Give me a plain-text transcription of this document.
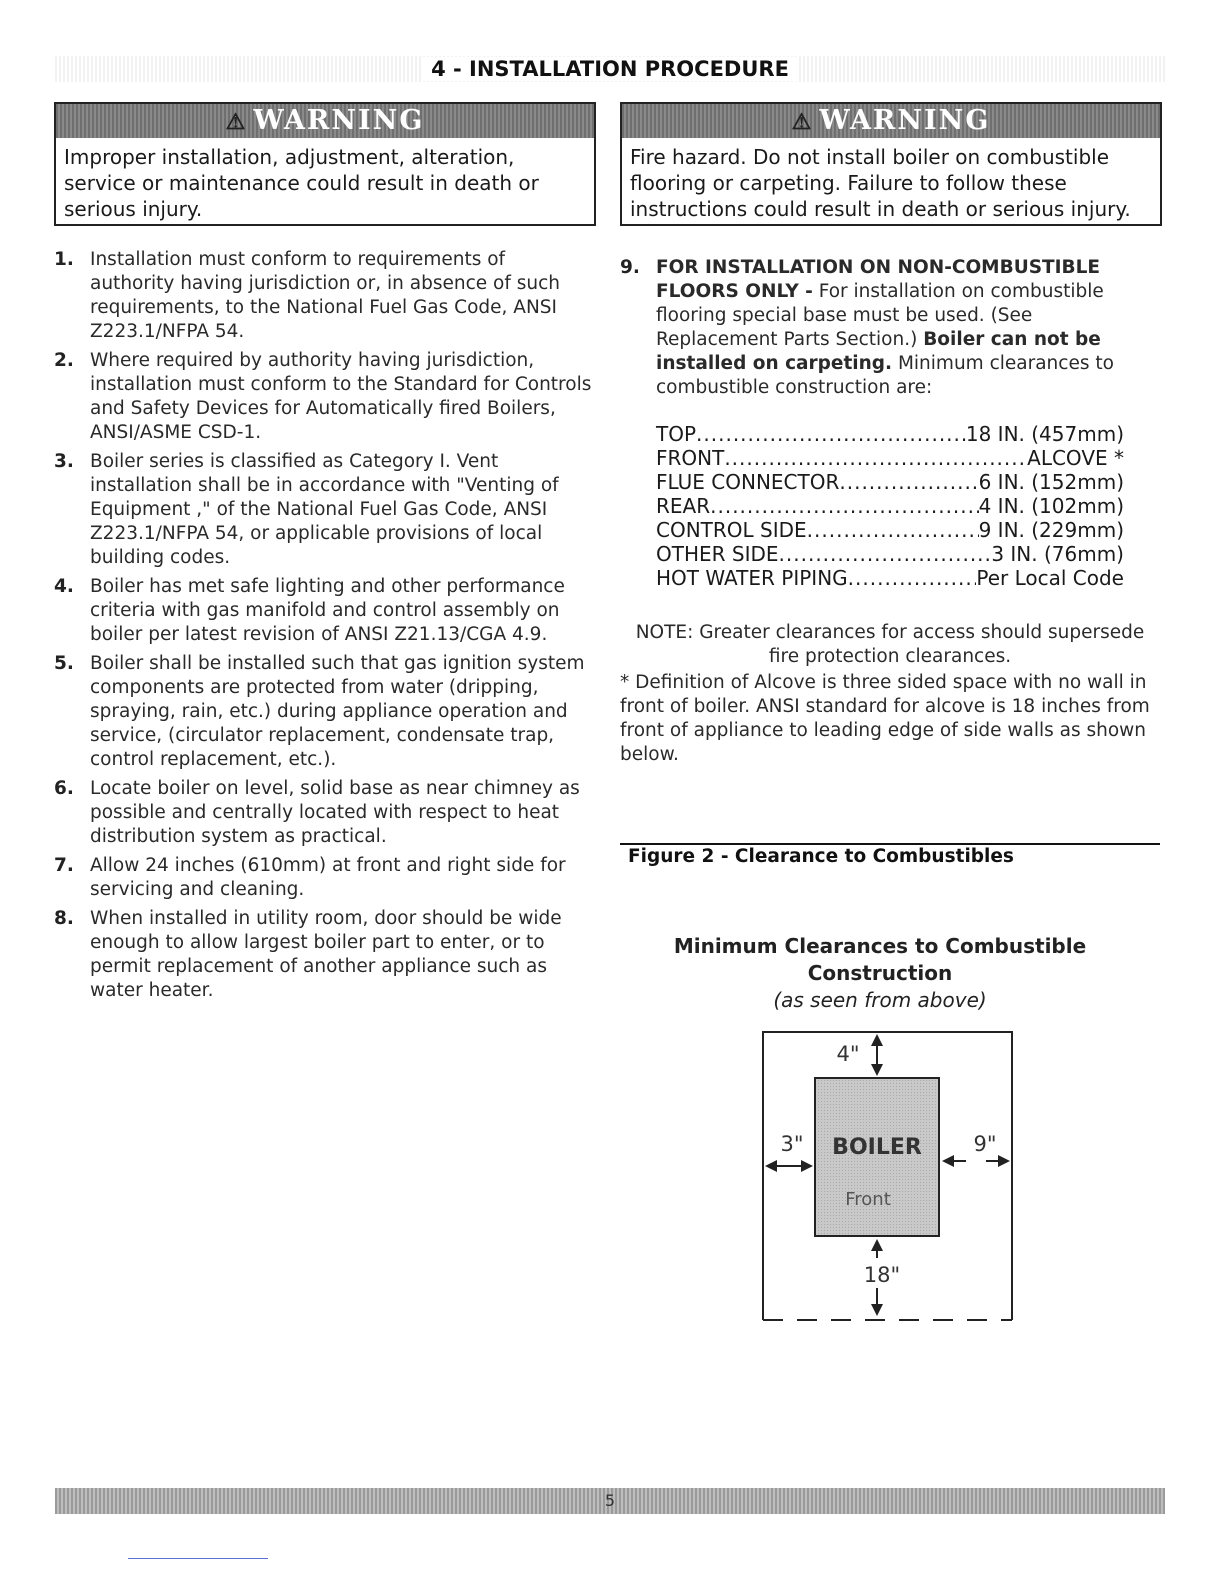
4 - INSTALLATION PROCEDURE
⚠ WARNING
Improper installation, adjustment, alteration, service or maintenance could result in death or serious injury.
⚠ WARNING
Fire hazard. Do not install boiler on combustible flooring or carpeting. Failure to follow these instructions could result in death or serious injury.
1. Installation must conform to requirements of authority having jurisdiction or, in absence of such requirements, to the National Fuel Gas Code, ANSI Z223.1/NFPA 54.
2. Where required by authority having jurisdiction, installation must conform to the Standard for Controls and Safety Devices for Automatically fired Boilers, ANSI/ASME CSD-1.
3. Boiler series is classified as Category I. Vent installation shall be in accordance with "Venting of Equipment ," of the National Fuel Gas Code, ANSI Z223.1/NFPA 54, or applicable provisions of local building codes.
4. Boiler has met safe lighting and other performance criteria with gas manifold and control assembly on boiler per latest revision of ANSI Z21.13/CGA 4.9.
5. Boiler shall be installed such that gas ignition system components are protected from water (dripping, spraying, rain, etc.) during appliance operation and service, (circulator replacement, condensate trap, control replacement, etc.).
6. Locate boiler on level, solid base as near chimney as possible and centrally located with respect to heat distribution system as practical.
7. Allow 24 inches (610mm) at front and right side for servicing and cleaning.
8. When installed in utility room, door should be wide enough to allow largest boiler part to enter, or to permit replacement of another appliance such as water heater.
9. FOR INSTALLATION ON NON-COMBUSTIBLE FLOORS ONLY - For installation on combustible flooring special base must be used. (See Replacement Parts Section.) Boiler can not be installed on carpeting. Minimum clearances to combustible construction are:
TOP .....	18 IN. (457mm)
FRONT .....	ALCOVE *
FLUE CONNECTOR .....	6 IN. (152mm)
REAR .....	4 IN. (102mm)
CONTROL SIDE .....	9 IN. (229mm)
OTHER SIDE .....	3 IN. (76mm)
HOT WATER PIPING .....	Per Local Code
NOTE: Greater clearances for access should supersede fire protection clearances.
* Definition of Alcove is three sided space with no wall in front of boiler. ANSI standard for alcove is 18 inches from front of appliance to leading edge of side walls as shown below.
Figure 2 - Clearance to Combustibles
Minimum Clearances to Combustible Construction
(as seen from above)
BOILER
Front
4"
3"	9"
18"
5
